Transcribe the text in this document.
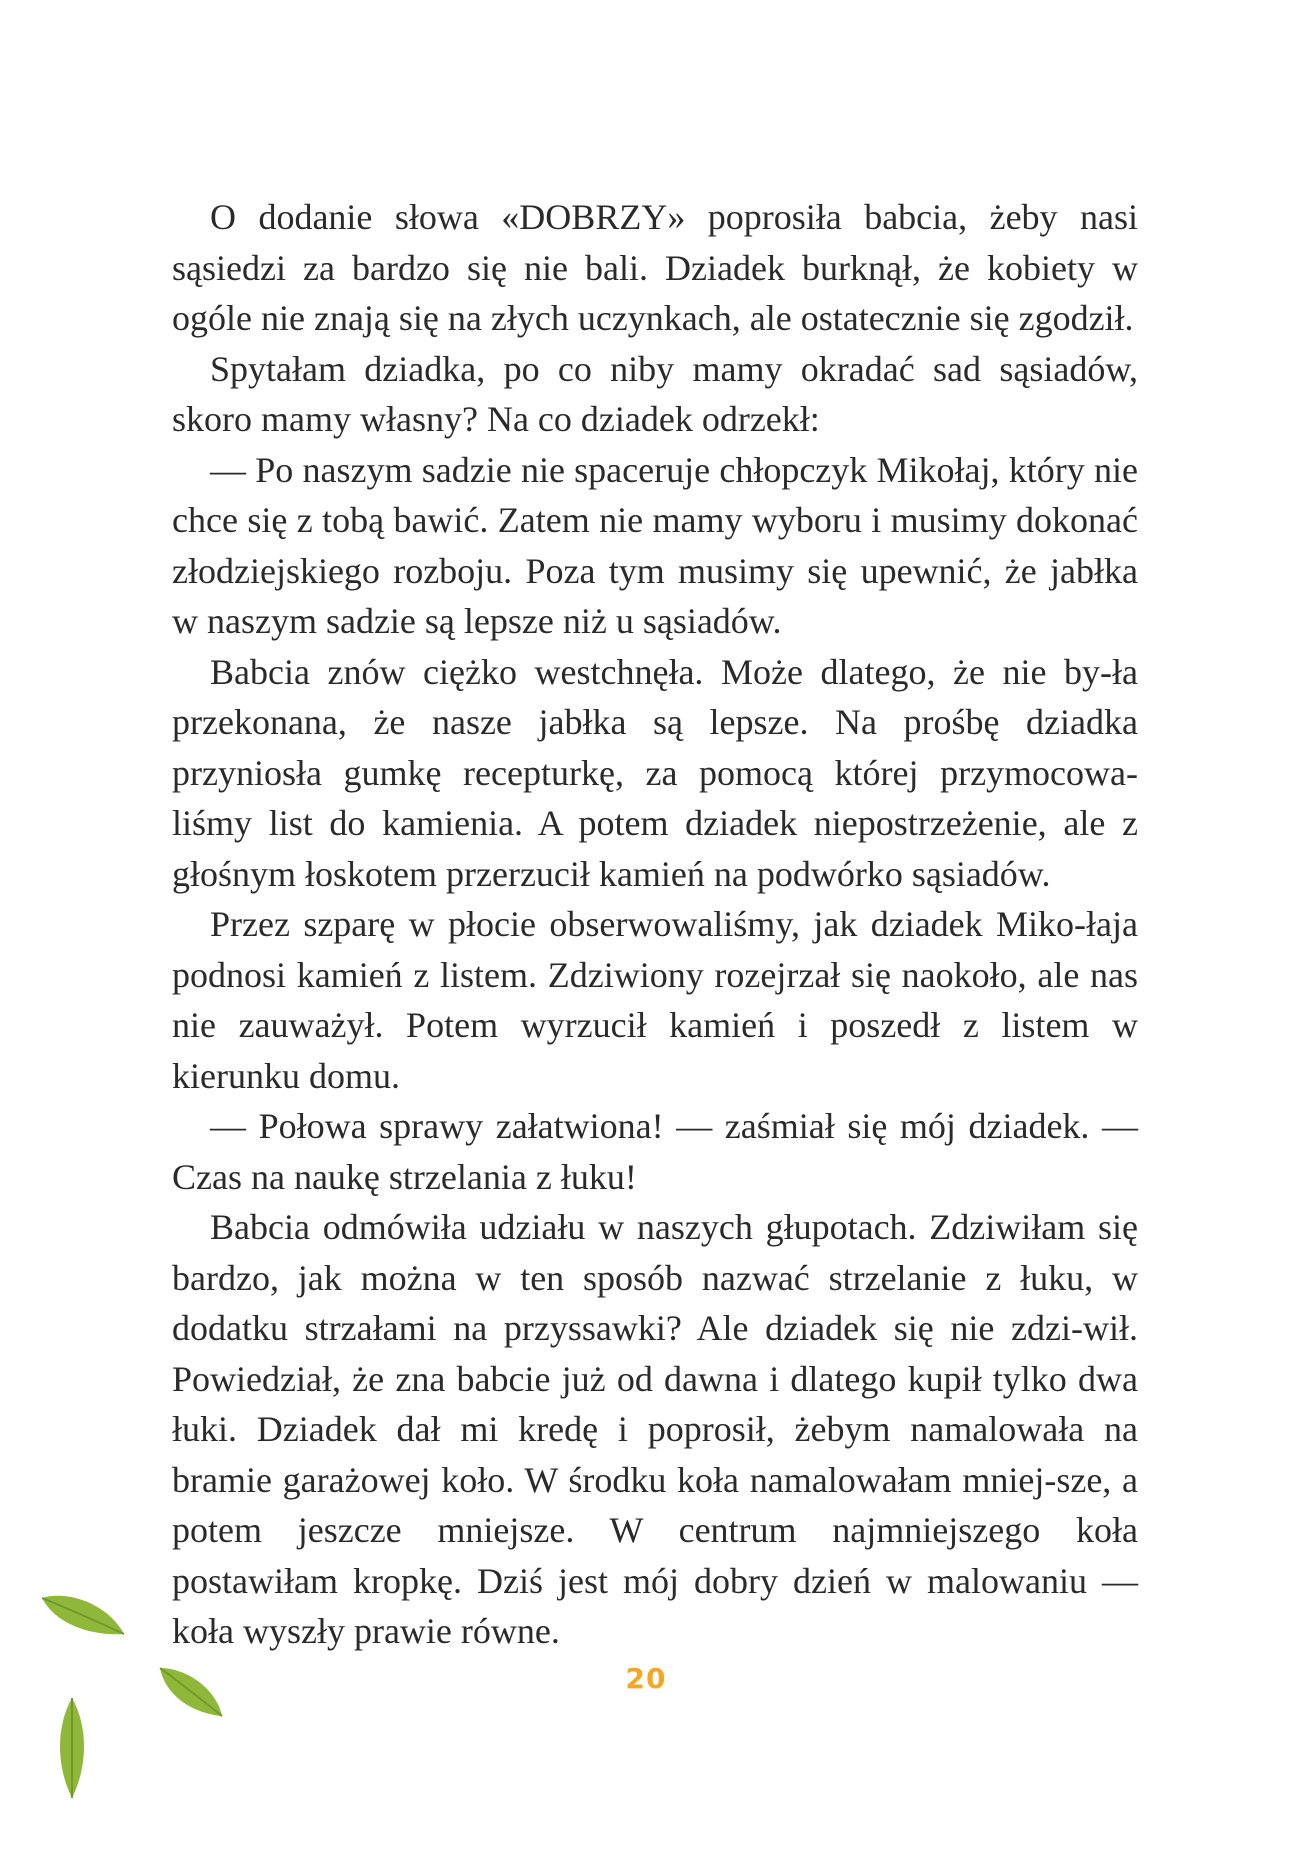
O dodanie słowa «DOBRZY» poprosiła babcia, żeby nasi sąsiedzi za bardzo się nie bali. Dziadek burknął, że kobiety w ogóle nie znają się na złych uczynkach, ale ostatecznie się zgodził.

Spytałam dziadka, po co niby mamy okradać sad sąsiadów, skoro mamy własny? Na co dziadek odrzekł:

— Po naszym sadzie nie spaceruje chłopczyk Mikołaj, który nie chce się z tobą bawić. Zatem nie mamy wyboru i musimy dokonać złodziejskiego rozboju. Poza tym musimy się upewnić, że jabłka w naszym sadzie są lepsze niż u sąsiadów.

Babcia znów ciężko westchnęła. Może dlatego, że nie by-ła przekonana, że nasze jabłka są lepsze. Na prośbę dziadka przyniosła gumkę recepturkę, za pomocą której przymocowa-liśmy list do kamienia. A potem dziadek niepostrzeżenie, ale z głośnym łoskotem przerzucił kamień na podwórko sąsiadów.

Przez szparę w płocie obserwowaliśmy, jak dziadek Miko-łaja podnosi kamień z listem. Zdziwiony rozejrzał się naokoło, ale nas nie zauważył. Potem wyrzucił kamień i poszedł z listem w kierunku domu.

— Połowa sprawy załatwiona! — zaśmiał się mój dziadek. — Czas na naukę strzelania z łuku!

Babcia odmówiła udziału w naszych głupotach. Zdziwiłam się bardzo, jak można w ten sposób nazwać strzelanie z łuku, w dodatku strzałami na przyssawki? Ale dziadek się nie zdzi-wił. Powiedział, że zna babcie już od dawna i dlatego kupił tylko dwa łuki. Dziadek dał mi kredę i poprosił, żebym namalowała na bramie garażowej koło. W środku koła namalowałam mniej-sze, a potem jeszcze mniejsze. W centrum najmniejszego koła postawiłam kropkę. Dziś jest mój dobry dzień w malowaniu — koła wyszły prawie równe.

20
